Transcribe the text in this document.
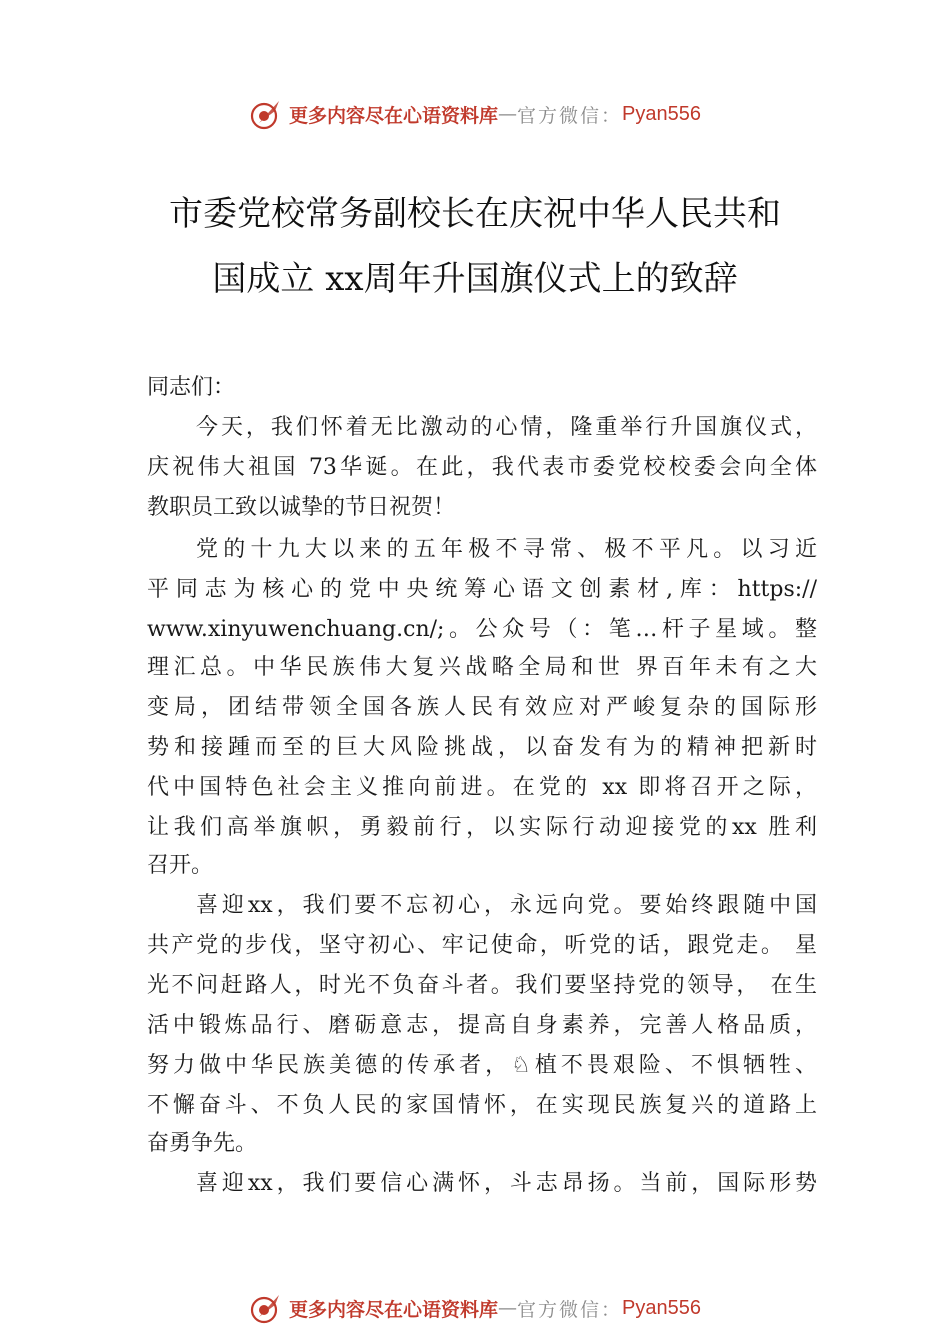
更多内容尽在心语资料库 — 官方微信： Pyan556
市委党校常务副校长在庆祝中华人民共和
国成立 xx周年升国旗仪式上的致辞
同志们：
今天，我们怀着无比激动的心情，隆重举行升国旗仪式，
庆祝伟大祖国 73华诞。在此，我代表市委党校校委会向全体
教职员工致以诚挚的节日祝贺！
党的十九大以来的五年极不寻常、极不平凡。以习近
平同志为核心的党中央统筹心语文创素材,库：https://
www.xinyuwenchuang.cn/;。公众号（：笔…杆子星域。整
理汇总。中华民族伟大复兴战略全局和世 界百年未有之大
变局，团结带领全国各族人民有效应对严峻复杂的国际形
势和接踵而至的巨大风险挑战，以奋发有为的精神把新时
代中国特色社会主义推向前进。在党的 xx 即将召开之际，
让我们高举旗帜，勇毅前行，以实际行动迎接党的xx 胜利
召开。
喜迎xx，我们要不忘初心，永远向党。要始终跟随中国
共产党的步伐，坚守初心、牢记使命，听党的话，跟党走。 星
光不问赶路人，时光不负奋斗者。我们要坚持党的领导， 在生
活中锻炼品行、磨砺意志，提高自身素养，完善人格品质，
努力做中华民族美德的传承者，♘植不畏艰险、不惧牺牲、
不懈奋斗、不负人民的家国情怀，在实现民族复兴的道路上
奋勇争先。
喜迎xx，我们要信心满怀，斗志昂扬。当前，国际形势
更多内容尽在心语资料库 — 官方微信： Pyan556
